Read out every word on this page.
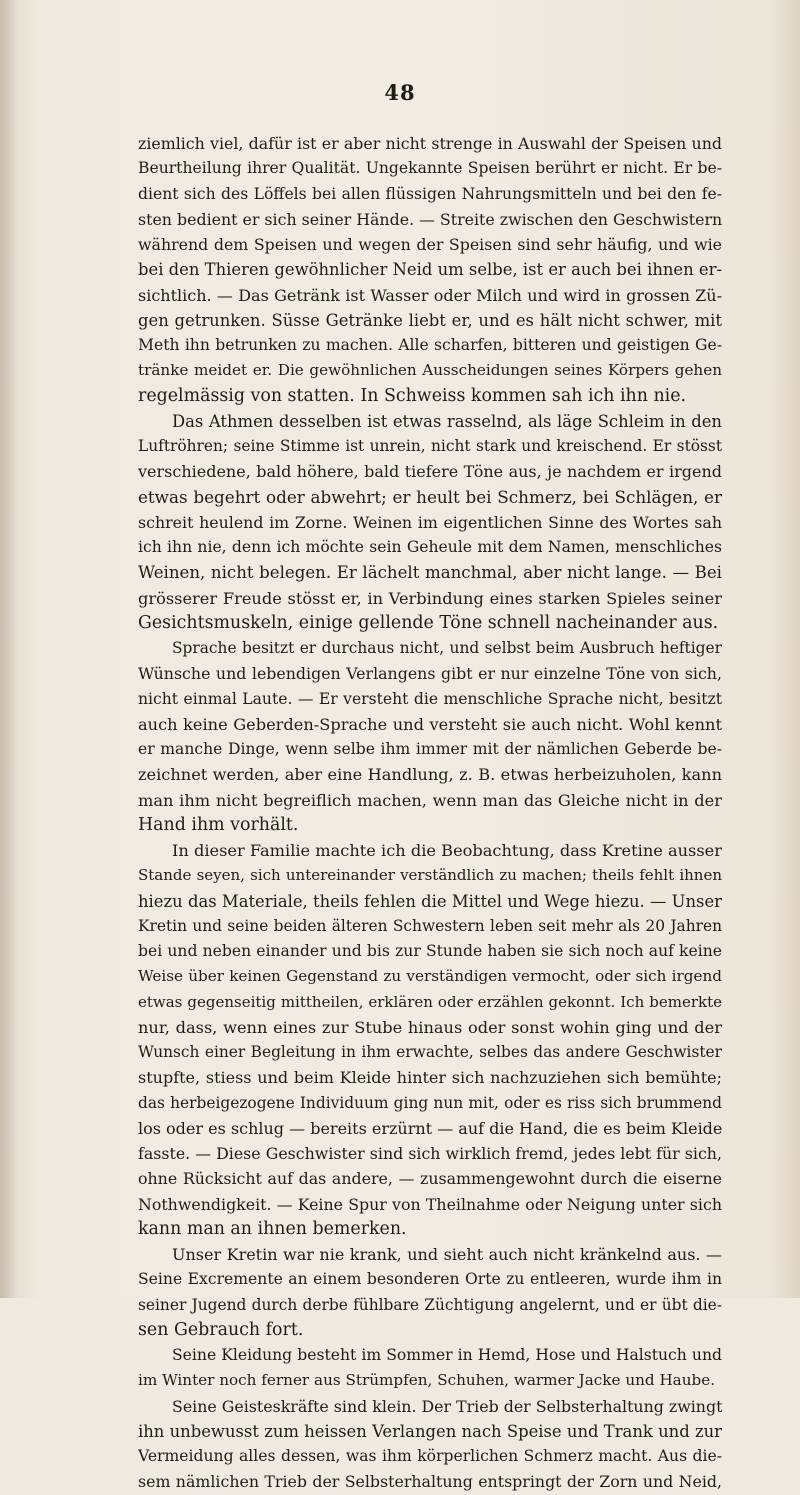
48
ziemlich viel, dafür ist er aber nicht strenge in Auswahl der Speisen und
Beurtheilung ihrer Qualität. Ungekannte Speisen berührt er nicht. Er be-
dient sich des Löffels bei allen flüssigen Nahrungsmitteln und bei den fe-
sten bedient er sich seiner Hände. — Streite zwischen den Geschwistern
während dem Speisen und wegen der Speisen sind sehr häufig, und wie
bei den Thieren gewöhnlicher Neid um selbe, ist er auch bei ihnen er-
sichtlich. — Das Getränk ist Wasser oder Milch und wird in grossen Zü-
gen getrunken. Süsse Getränke liebt er, und es hält nicht schwer, mit
Meth ihn betrunken zu machen. Alle scharfen, bitteren und geistigen Ge-
tränke meidet er. Die gewöhnlichen Ausscheidungen seines Körpers gehen
regelmässig von statten. In Schweiss kommen sah ich ihn nie.
Das Athmen desselben ist etwas rasselnd, als läge Schleim in den
Luftröhren; seine Stimme ist unrein, nicht stark und kreischend. Er stösst
verschiedene, bald höhere, bald tiefere Töne aus, je nachdem er irgend
etwas begehrt oder abwehrt; er heult bei Schmerz, bei Schlägen, er
schreit heulend im Zorne. Weinen im eigentlichen Sinne des Wortes sah
ich ihn nie, denn ich möchte sein Geheule mit dem Namen, menschliches
Weinen, nicht belegen. Er lächelt manchmal, aber nicht lange. — Bei
grösserer Freude stösst er, in Verbindung eines starken Spieles seiner
Gesichtsmuskeln, einige gellende Töne schnell nacheinander aus.
Sprache besitzt er durchaus nicht, und selbst beim Ausbruch heftiger
Wünsche und lebendigen Verlangens gibt er nur einzelne Töne von sich,
nicht einmal Laute. — Er versteht die menschliche Sprache nicht, besitzt
auch keine Geberden-Sprache und versteht sie auch nicht. Wohl kennt
er manche Dinge, wenn selbe ihm immer mit der nämlichen Geberde be-
zeichnet werden, aber eine Handlung, z. B. etwas herbeizuholen, kann
man ihm nicht begreiflich machen, wenn man das Gleiche nicht in der
Hand ihm vorhält.
In dieser Familie machte ich die Beobachtung, dass Kretine ausser
Stande seyen, sich untereinander verständlich zu machen; theils fehlt ihnen
hiezu das Materiale, theils fehlen die Mittel und Wege hiezu. — Unser
Kretin und seine beiden älteren Schwestern leben seit mehr als 20 Jahren
bei und neben einander und bis zur Stunde haben sie sich noch auf keine
Weise über keinen Gegenstand zu verständigen vermocht, oder sich irgend
etwas gegenseitig mittheilen, erklären oder erzählen gekonnt. Ich bemerkte
nur, dass, wenn eines zur Stube hinaus oder sonst wohin ging und der
Wunsch einer Begleitung in ihm erwachte, selbes das andere Geschwister
stupfte, stiess und beim Kleide hinter sich nachzuziehen sich bemühte;
das herbeigezogene Individuum ging nun mit, oder es riss sich brummend
los oder es schlug — bereits erzürnt — auf die Hand, die es beim Kleide
fasste. — Diese Geschwister sind sich wirklich fremd, jedes lebt für sich,
ohne Rücksicht auf das andere, — zusammengewohnt durch die eiserne
Nothwendigkeit. — Keine Spur von Theilnahme oder Neigung unter sich
kann man an ihnen bemerken.
Unser Kretin war nie krank, und sieht auch nicht kränkelnd aus. —
Seine Excremente an einem besonderen Orte zu entleeren, wurde ihm in
seiner Jugend durch derbe fühlbare Züchtigung angelernt, und er übt die-
sen Gebrauch fort.
Seine Kleidung besteht im Sommer in Hemd, Hose und Halstuch und
im Winter noch ferner aus Strümpfen, Schuhen, warmer Jacke und Haube.
Seine Geisteskräfte sind klein. Der Trieb der Selbsterhaltung zwingt
ihn unbewusst zum heissen Verlangen nach Speise und Trank und zur
Vermeidung alles dessen, was ihm körperlichen Schmerz macht. Aus die-
sem nämlichen Trieb der Selbsterhaltung entspringt der Zorn und Neid,
